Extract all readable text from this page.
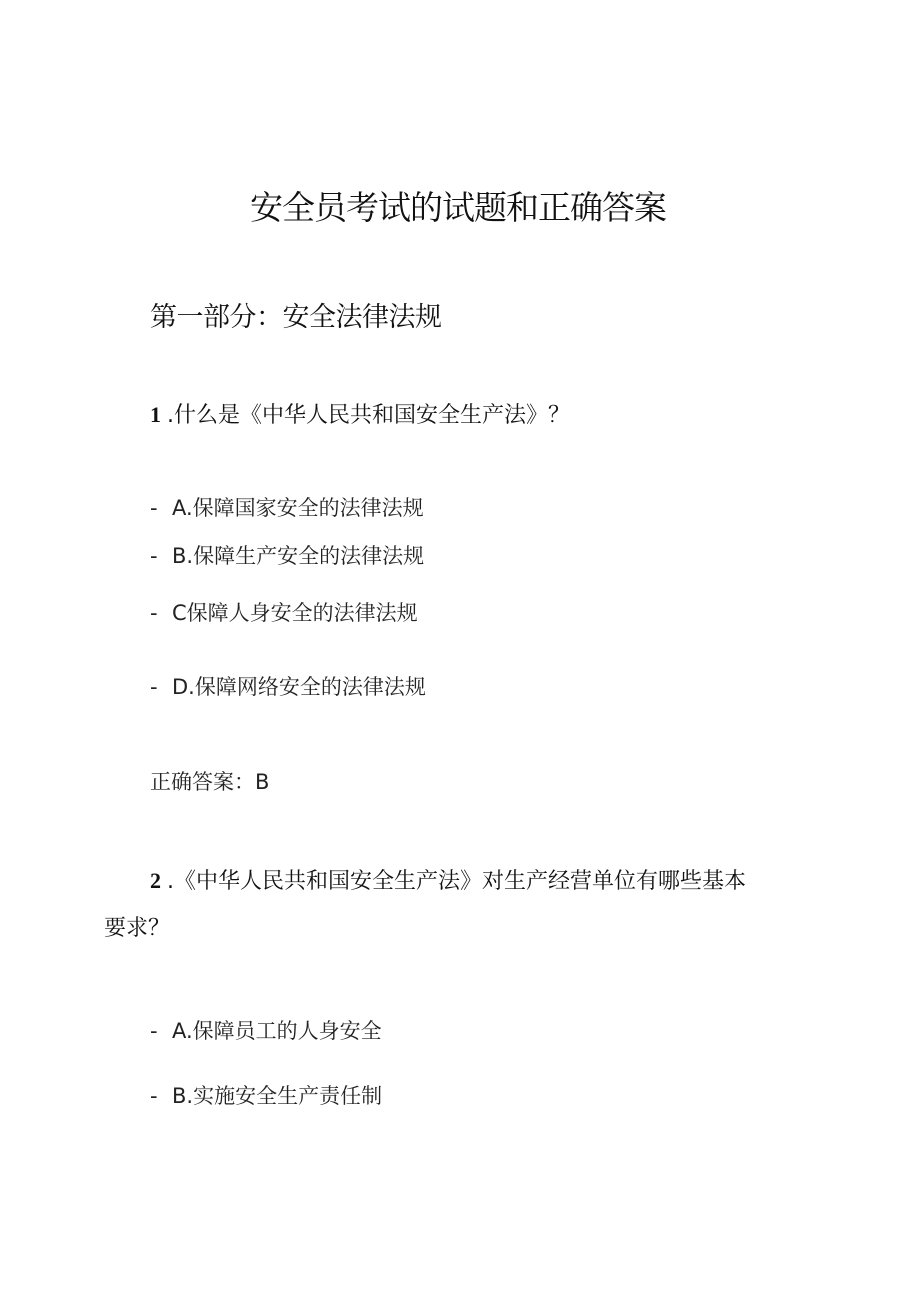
安全员考试的试题和正确答案
第一部分：安全法律法规
1 .什么是《中华人民共和国安全生产法》？
- A.保障国家安全的法律法规
- B.保障生产安全的法律法规
- C保障人身安全的法律法规
- D.保障网络安全的法律法规
正确答案：B
2 .《中华人民共和国安全生产法》对生产经营单位有哪些基本
要求？
- A.保障员工的人身安全
- B.实施安全生产责任制
